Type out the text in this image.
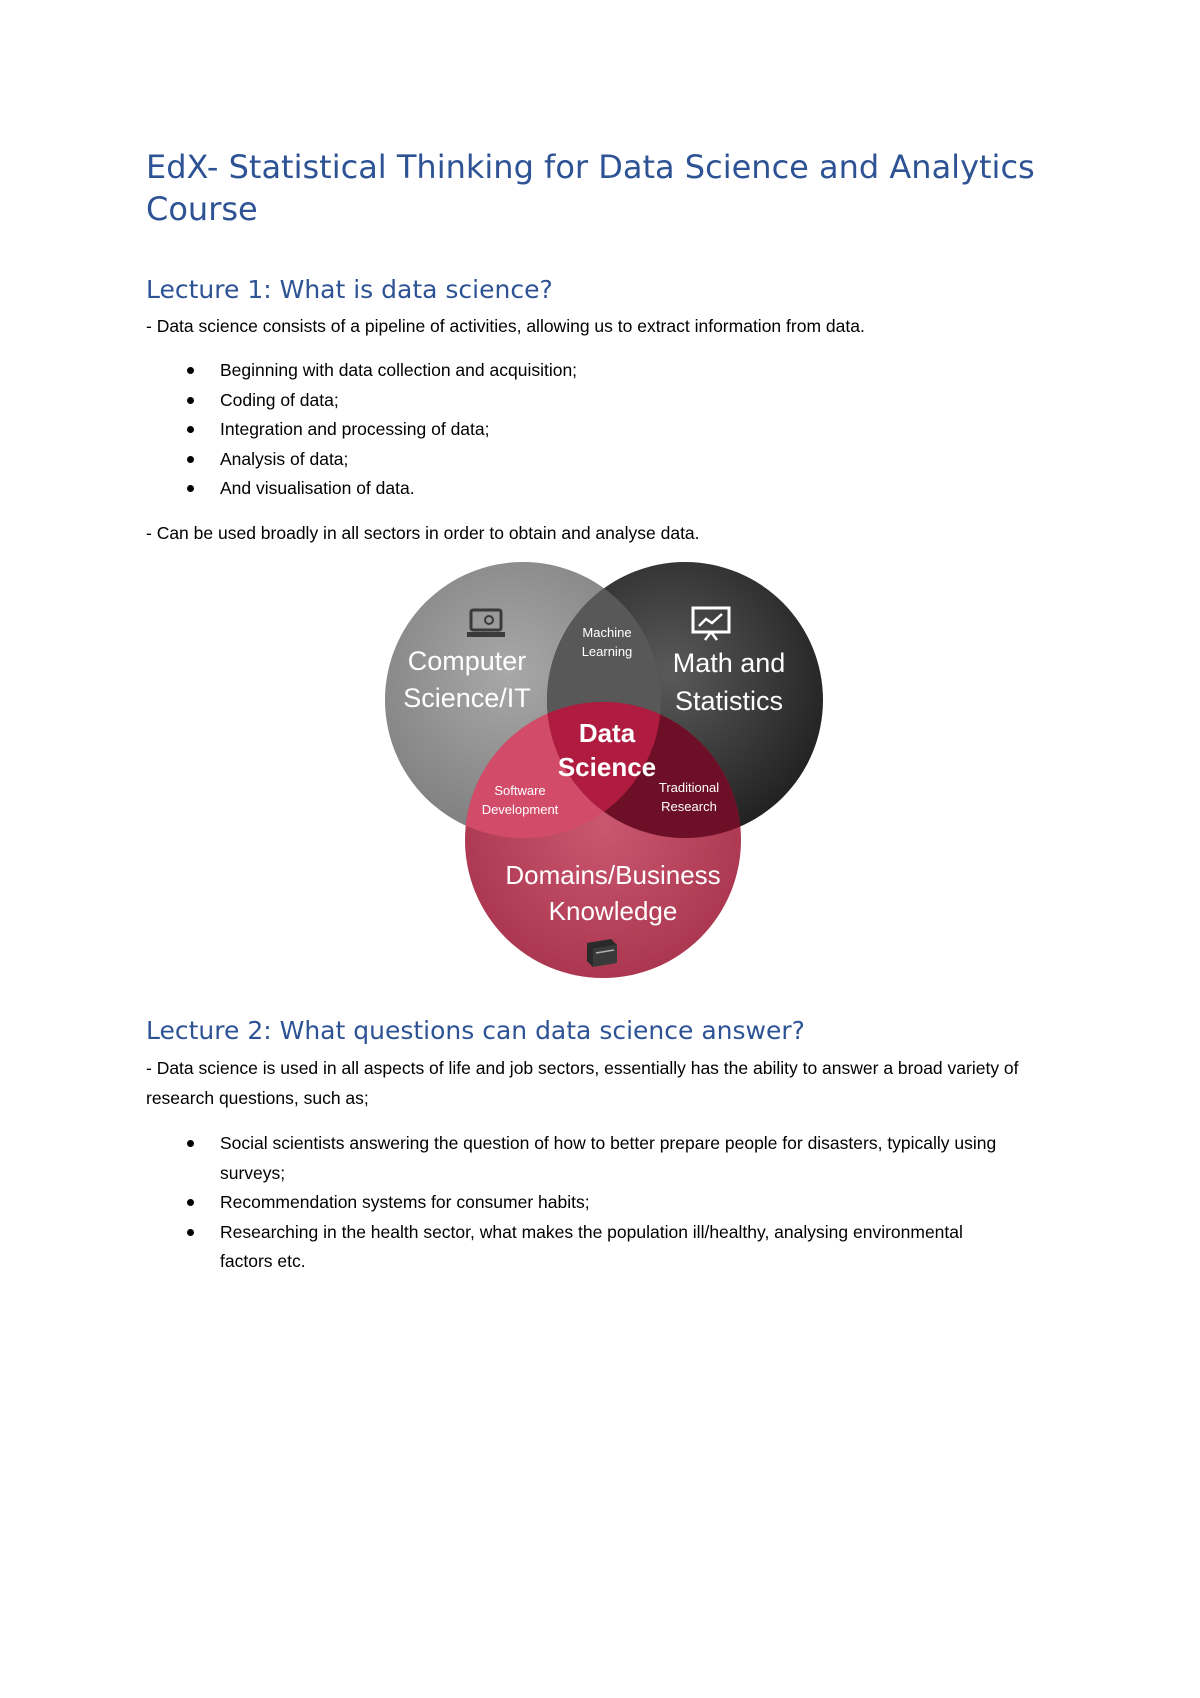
EdX- Statistical Thinking for Data Science and Analytics Course
Lecture 1: What is data science?

- Data science consists of a pipeline of activities, allowing us to extract information from data.

Beginning with data collection and acquisition;
Coding of data;
Integration and processing of data;
Analysis of data;
And visualisation of data.

- Can be used broadly in all sectors in order to obtain and analyse data.

Computer
Science/IT
Math and
Statistics
Domains/Business
Knowledge
Machine
Learning
Software
Development
Traditional
Research
Data
Science
Lecture 2: What questions can data science answer?

- Data science is used in all aspects of life and job sectors, essentially has the ability to answer a broad variety of research questions, such as;

Social scientists answering the question of how to better prepare people for disasters, typically using surveys;
Recommendation systems for consumer habits;
Researching in the health sector, what makes the population ill/healthy, analysing environmental factors etc.
